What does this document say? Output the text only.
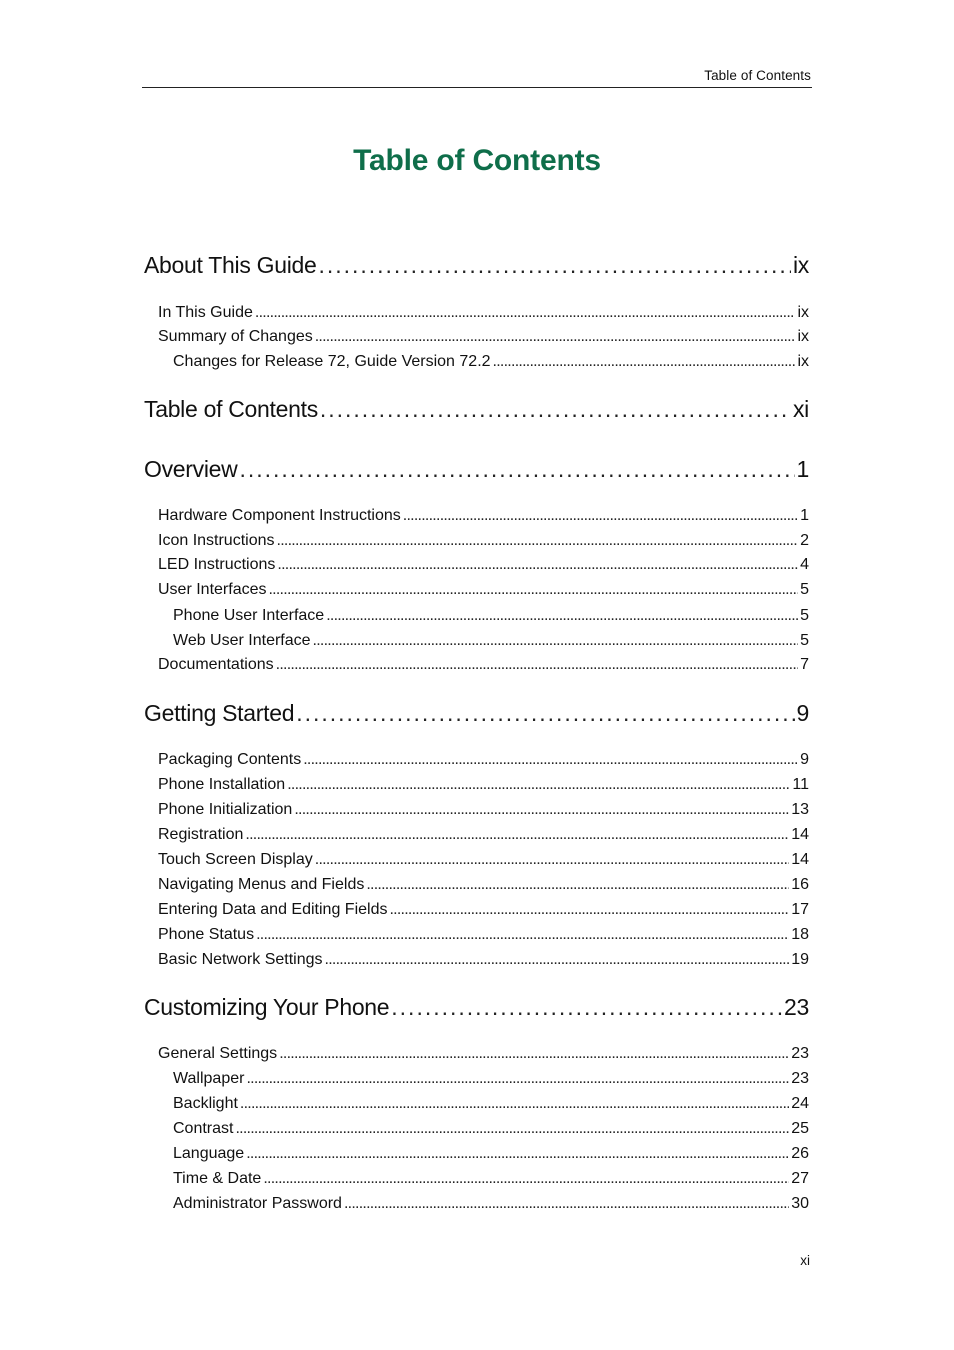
Table of Contents
Table of Contents
About This Guide . . .	ix
In This Guide . . .	ix
Summary of Changes . . .	ix
Changes for Release 72, Guide Version 72.2 . . .	ix
Table of Contents . . .	xi
Overview . . .	1
Hardware Component Instructions . . .	1
Icon Instructions . . .	2
LED Instructions . . .	4
User Interfaces . . .	5
Phone User Interface . . .	5
Web User Interface . . .	5
Documentations . . .	7
Getting Started . . .	9
Packaging Contents . . .	9
Phone Installation . . .	11
Phone Initialization . . .	13
Registration . . .	14
Touch Screen Display . . .	14
Navigating Menus and Fields . . .	16
Entering Data and Editing Fields . . .	17
Phone Status . . .	18
Basic Network Settings . . .	19
Customizing Your Phone . . .	23
General Settings . . .	23
Wallpaper . . .	23
Backlight . . .	24
Contrast . . .	25
Language . . .	26
Time & Date . . .	27
Administrator Password . . .	30
xi
